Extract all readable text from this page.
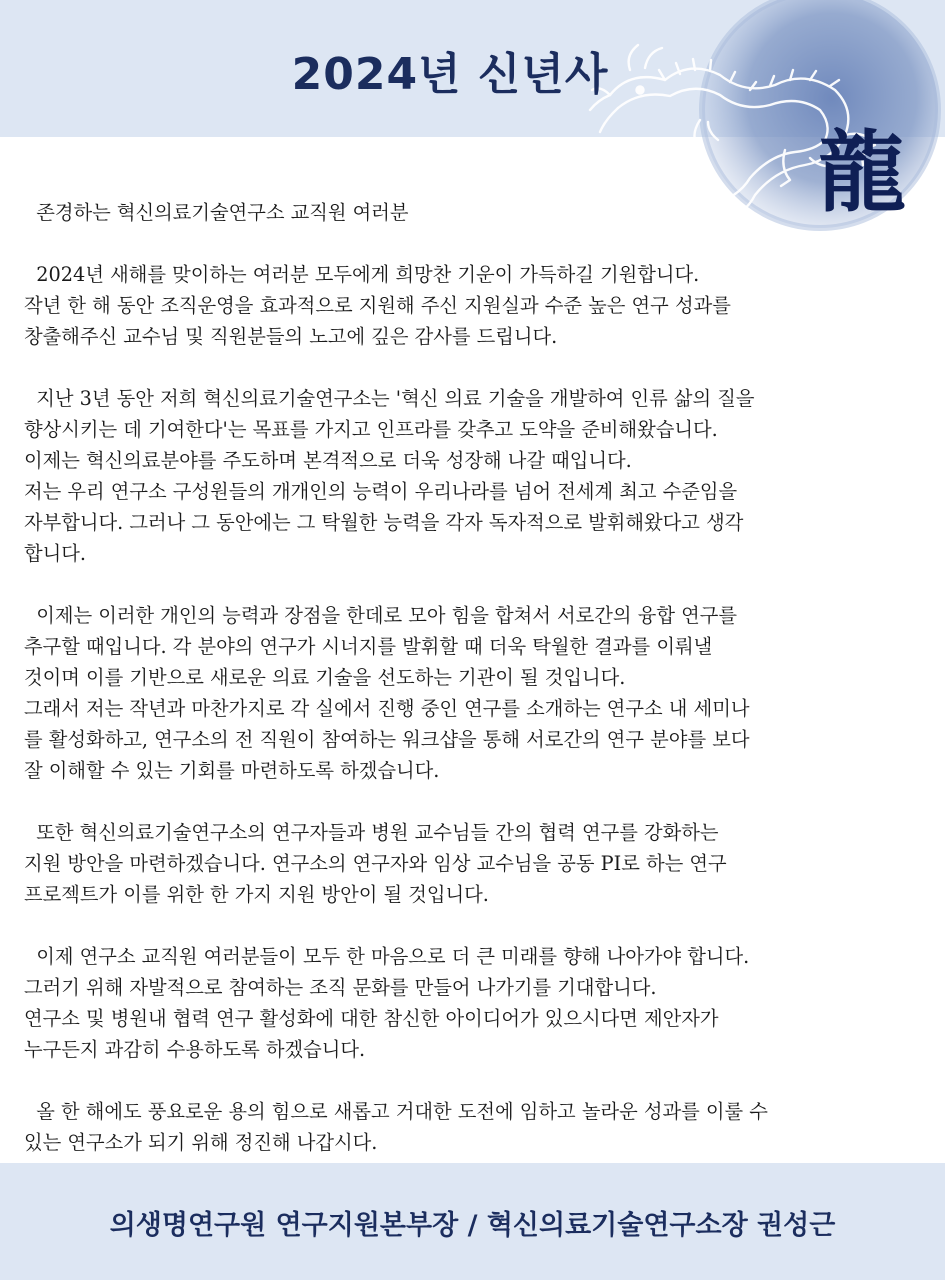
2024년 신년사
龍

존경하는 혁신의료기술연구소 교직원 여러분

2024년 새해를 맞이하는 여러분 모두에게 희망찬 기운이 가득하길 기원합니다.

작년 한 해 동안 조직운영을 효과적으로 지원해 주신 지원실과 수준 높은 연구 성과를

창출해주신 교수님 및 직원분들의 노고에 깊은 감사를 드립니다.

지난 3년 동안 저희 혁신의료기술연구소는 '혁신 의료 기술을 개발하여 인류 삶의 질을

향상시키는 데 기여한다'는 목표를 가지고 인프라를 갖추고 도약을 준비해왔습니다.

이제는 혁신의료분야를 주도하며 본격적으로 더욱 성장해 나갈 때입니다.

저는 우리 연구소 구성원들의 개개인의 능력이 우리나라를 넘어 전세계 최고 수준임을

자부합니다. 그러나 그 동안에는 그 탁월한 능력을 각자 독자적으로 발휘해왔다고 생각

합니다.

이제는 이러한 개인의 능력과 장점을 한데로 모아 힘을 합쳐서 서로간의 융합 연구를

추구할 때입니다. 각 분야의 연구가 시너지를 발휘할 때 더욱 탁월한 결과를 이뤄낼

것이며 이를 기반으로 새로운 의료 기술을 선도하는 기관이 될 것입니다.

그래서 저는 작년과 마찬가지로 각 실에서 진행 중인 연구를 소개하는 연구소 내 세미나

를 활성화하고, 연구소의 전 직원이 참여하는 워크샵을 통해 서로간의 연구 분야를 보다

잘 이해할 수 있는 기회를 마련하도록 하겠습니다.

또한 혁신의료기술연구소의 연구자들과 병원 교수님들 간의 협력 연구를 강화하는

지원 방안을 마련하겠습니다. 연구소의 연구자와 임상 교수님을 공동 PI로 하는 연구

프로젝트가 이를 위한 한 가지 지원 방안이 될 것입니다.

이제 연구소 교직원 여러분들이 모두 한 마음으로 더 큰 미래를 향해 나아가야 합니다.

그러기 위해 자발적으로 참여하는 조직 문화를 만들어 나가기를 기대합니다.

연구소 및 병원내 협력 연구 활성화에 대한 참신한 아이디어가 있으시다면 제안자가

누구든지 과감히 수용하도록 하겠습니다.

올 한 해에도 풍요로운 용의 힘으로 새롭고 거대한 도전에 임하고 놀라운 성과를 이룰 수

있는 연구소가 되기 위해 정진해 나갑시다.

의생명연구원 연구지원본부장 / 혁신의료기술연구소장 권성근
